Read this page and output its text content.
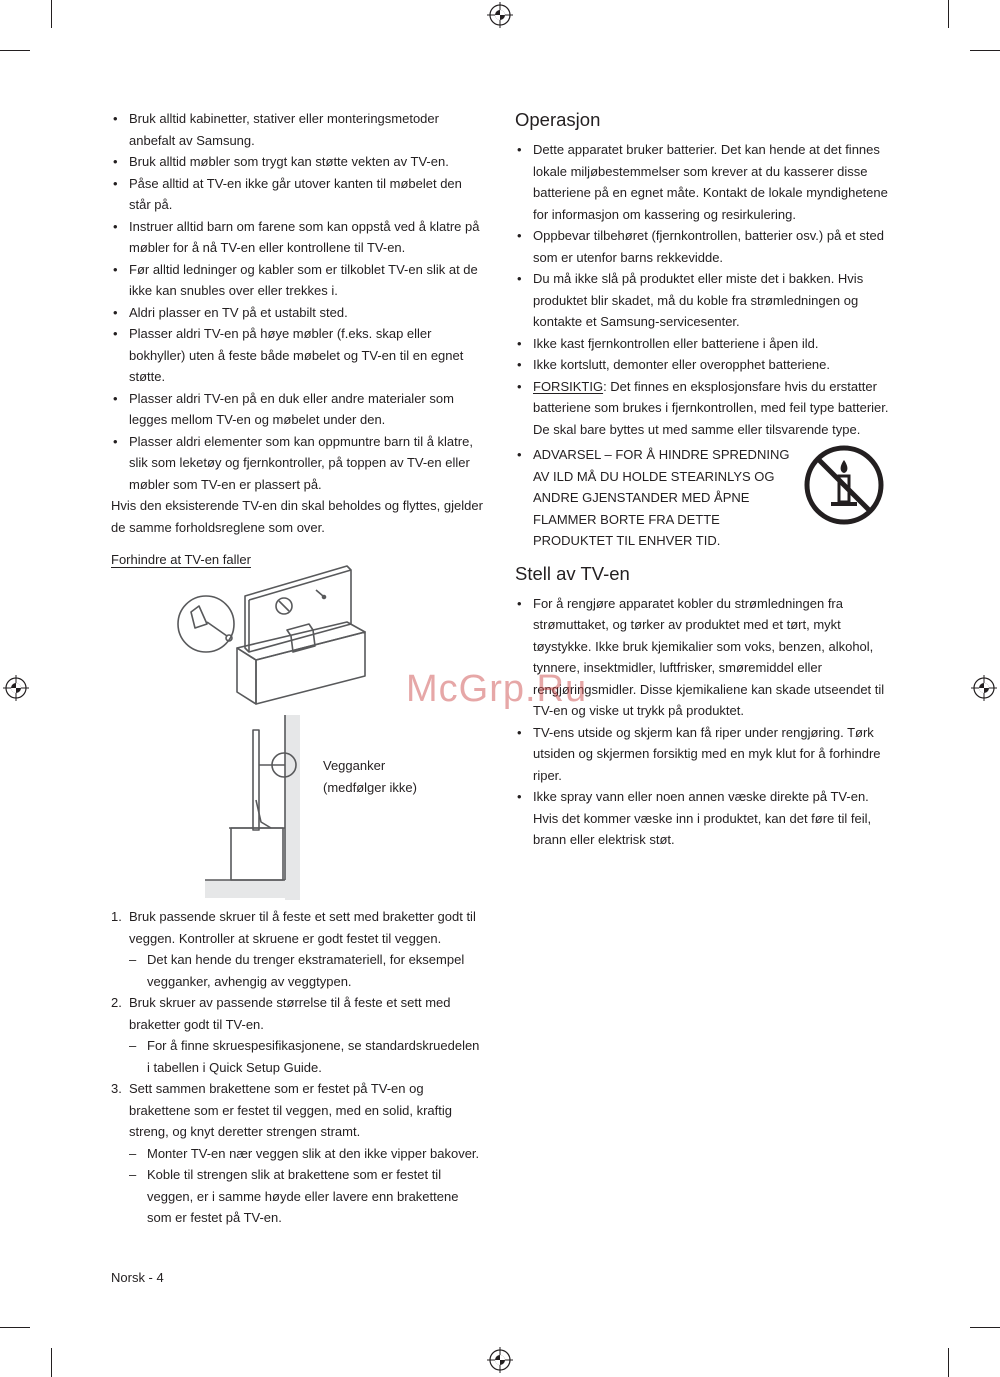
• Bruk alltid kabinetter, stativer eller monteringsmetoder anbefalt av Samsung.
• Bruk alltid møbler som trygt kan støtte vekten av TV-en.
• Påse alltid at TV-en ikke går utover kanten til møbelet den står på.
• Instruer alltid barn om farene som kan oppstå ved å klatre på møbler for å nå TV-en eller kontrollene til TV-en.
• Før alltid ledninger og kabler som er tilkoblet TV-en slik at de ikke kan snubles over eller trekkes i.
• Aldri plasser en TV på et ustabilt sted.
• Plasser aldri TV-en på høye møbler (f.eks. skap eller bokhyller) uten å feste både møbelet og TV-en til en egnet støtte.
• Plasser aldri TV-en på en duk eller andre materialer som legges mellom TV-en og møbelet under den.
• Plasser aldri elementer som kan oppmuntre barn til å klatre, slik som leketøy og fjernkontroller, på toppen av TV-en eller møbler som TV-en er plassert på.

Hvis den eksisterende TV-en din skal beholdes og flyttes, gjelder de samme forholdsreglene som over.

Forhindre at TV-en faller
Vegganker
(medfølger ikke)
1. Bruk passende skruer til å feste et sett med braketter godt til veggen. Kontroller at skruene er godt festet til veggen.
– Det kan hende du trenger ekstramateriell, for eksempel vegganker, avhengig av veggtypen.
2. Bruk skruer av passende størrelse til å feste et sett med braketter godt til TV-en.
– For å finne skruespesifikasjonene, se standardskruedelen i tabellen i Quick Setup Guide.
3. Sett sammen brakettene som er festet på TV-en og brakettene som er festet til veggen, med en solid, kraftig streng, og knyt deretter strengen stramt.
– Monter TV-en nær veggen slik at den ikke vipper bakover.
– Koble til strengen slik at brakettene som er festet til veggen, er i samme høyde eller lavere enn brakettene som er festet på TV-en.
Operasjon
• Dette apparatet bruker batterier. Det kan hende at det finnes lokale miljøbestemmelser som krever at du kasserer disse batteriene på en egnet måte. Kontakt de lokale myndighetene for informasjon om kassering og resirkulering.
• Oppbevar tilbehøret (fjernkontrollen, batterier osv.) på et sted som er utenfor barns rekkevidde.
• Du må ikke slå på produktet eller miste det i bakken. Hvis produktet blir skadet, må du koble fra strømledningen og kontakte et Samsung-servicesenter.
• Ikke kast fjernkontrollen eller batteriene i åpen ild.
• Ikke kortslutt, demonter eller overopphet batteriene.
• FORSIKTIG: Det finnes en eksplosjonsfare hvis du erstatter batteriene som brukes i fjernkontrollen, med feil type batterier. De skal bare byttes ut med samme eller tilsvarende type.
• ADVARSEL – FOR Å HINDRE SPREDNING AV ILD MÅ DU HOLDE STEARINLYS OG ANDRE GJENSTANDER MED ÅPNE FLAMMER BORTE FRA DETTE PRODUKTET TIL ENHVER TID.
Stell av TV-en
• For å rengjøre apparatet kobler du strømledningen fra strømuttaket, og tørker av produktet med et tørt, mykt tøystykke. Ikke bruk kjemikalier som voks, benzen, alkohol, tynnere, insektmidler, luftfrisker, smøremiddel eller rengjøringsmidler. Disse kjemikaliene kan skade utseendet til TV-en og viske ut trykk på produktet.
• TV-ens utside og skjerm kan få riper under rengjøring. Tørk utsiden og skjermen forsiktig med en myk klut for å forhindre riper.
• Ikke spray vann eller noen annen væske direkte på TV-en. Hvis det kommer væske inn i produktet, kan det føre til feil, brann eller elektrisk støt.
McGrp.Ru
Norsk - 4
